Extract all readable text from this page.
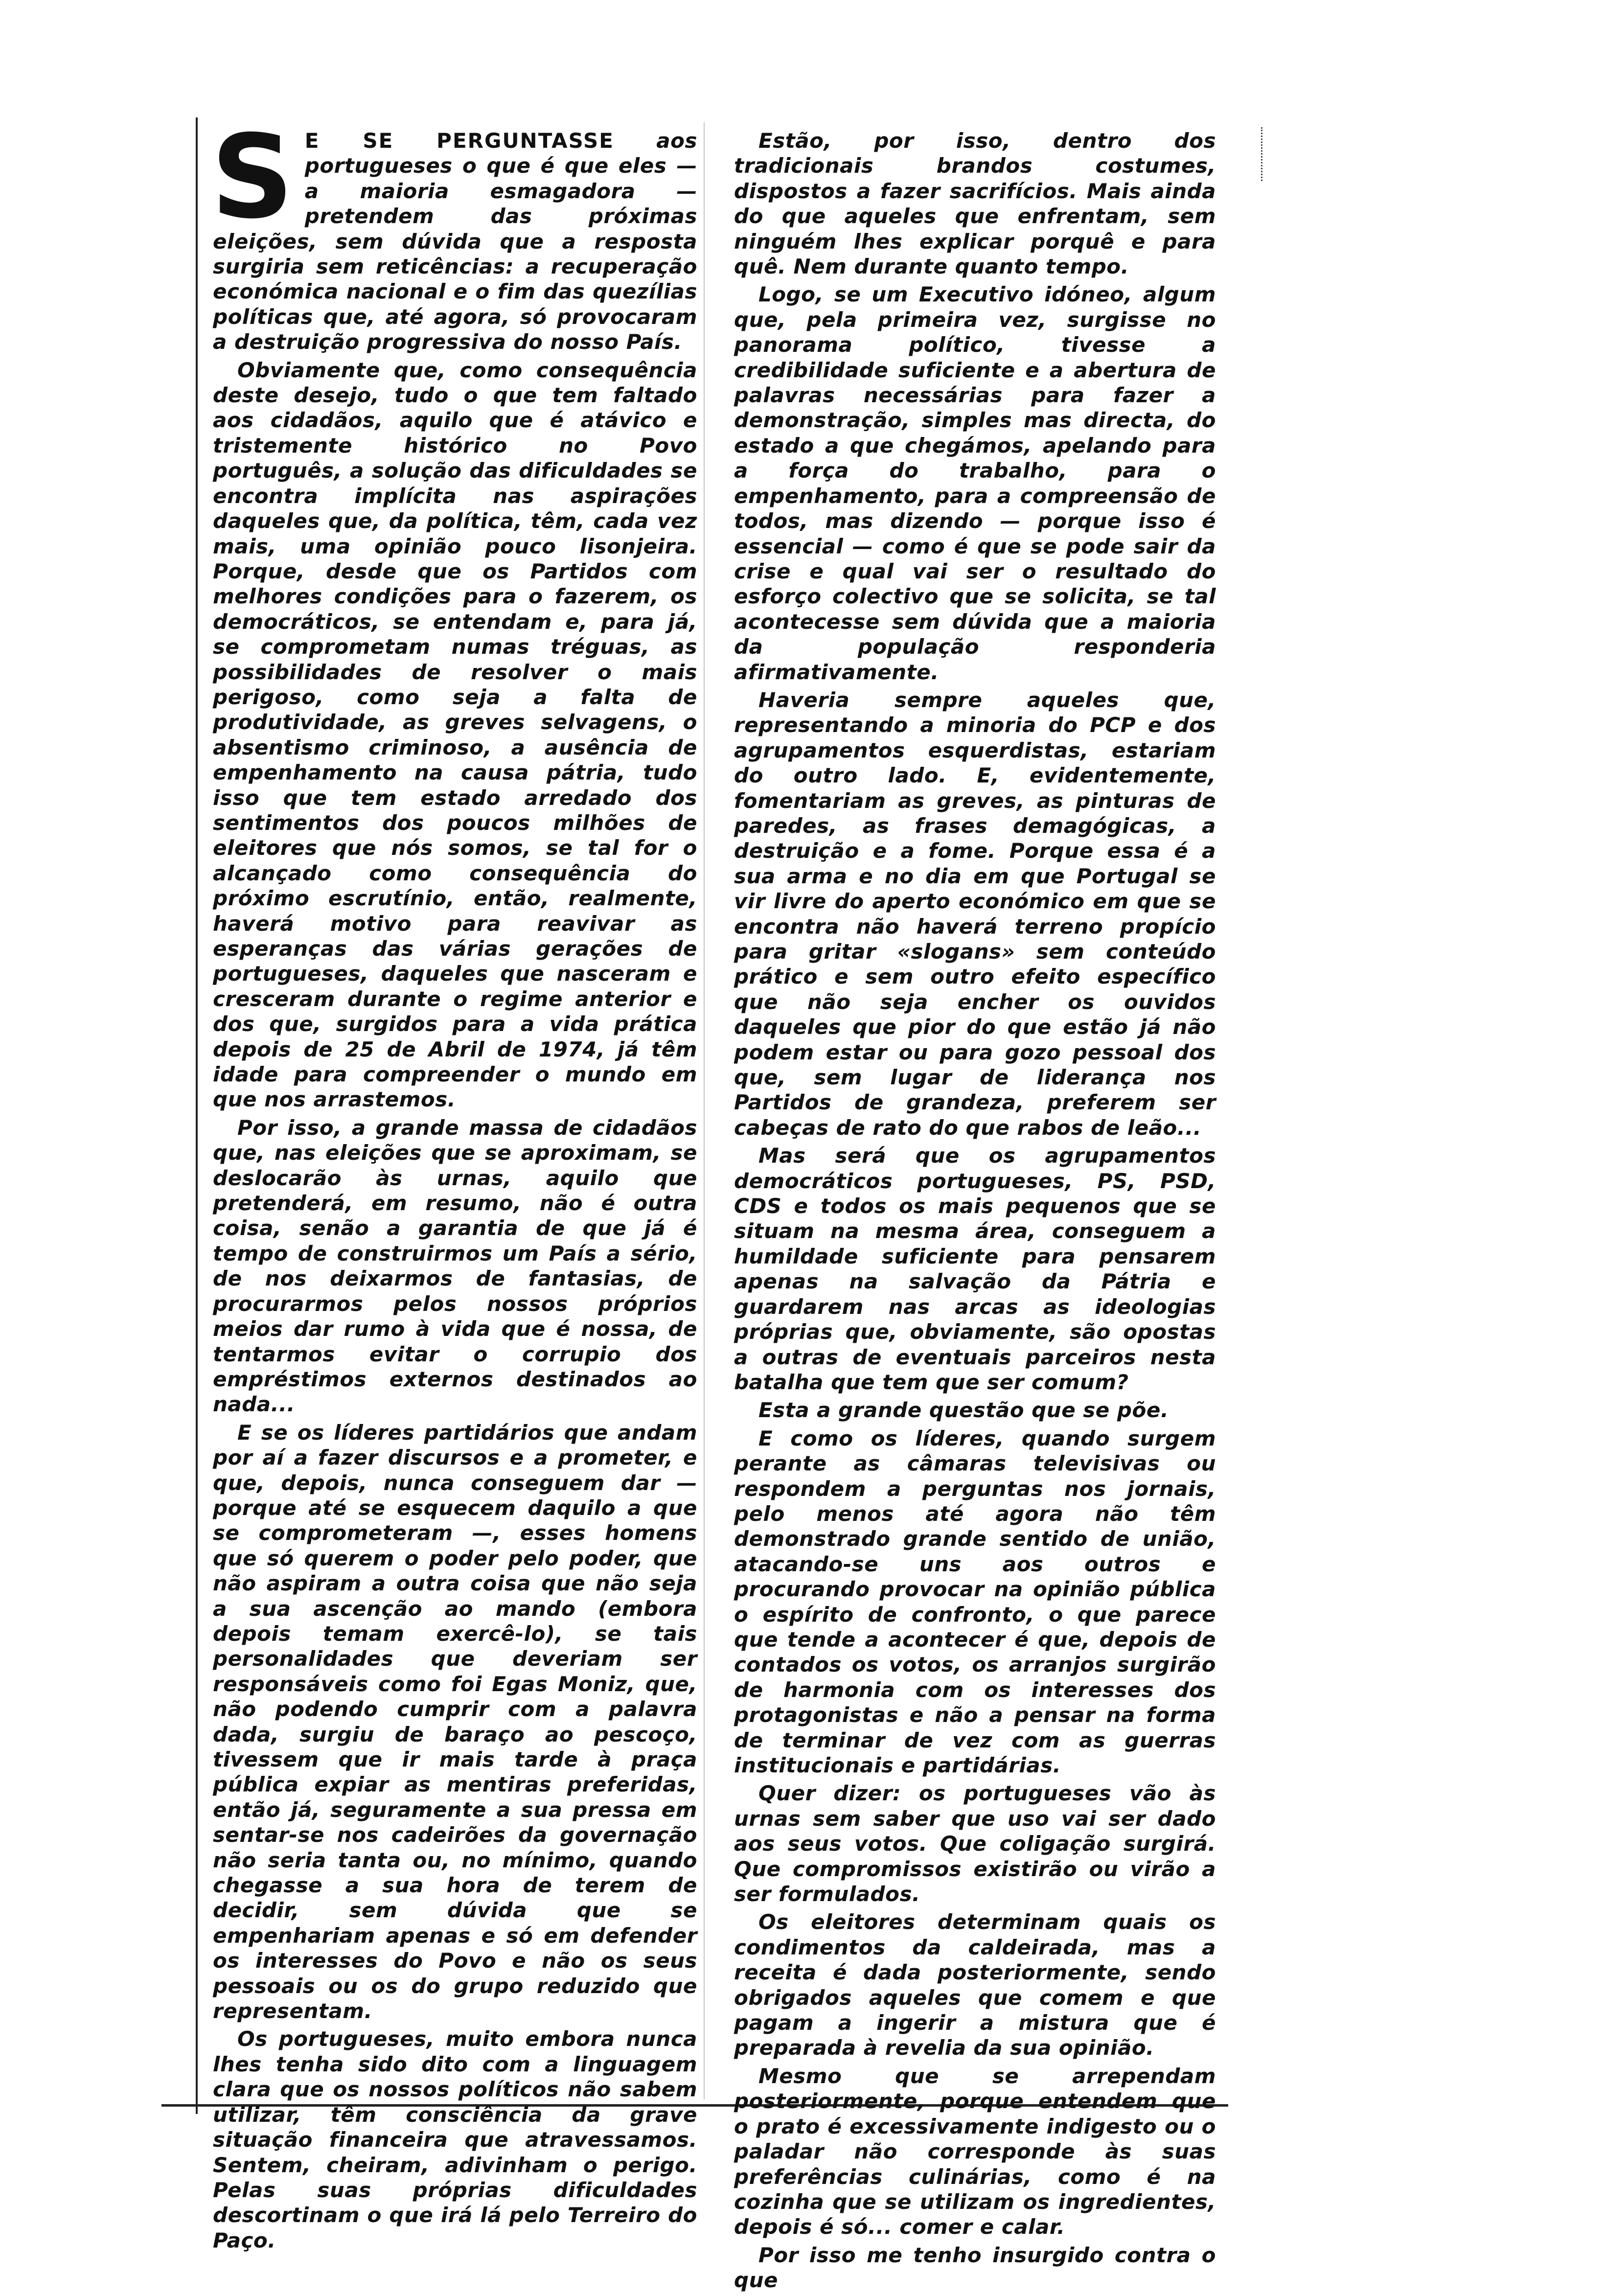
S E SE PERGUNTASSE aos portugueses o que é que eles — a maioria esmagadora — pretendem das próximas eleições, sem dúvida que a resposta surgiria sem reticências: a recuperação económica nacional e o fim das quezílias políticas que, até agora, só provocaram a destruição progressiva do nosso País.

Obviamente que, como consequência deste desejo, tudo o que tem faltado aos cidadãos, aquilo que é atávico e tristemente histórico no Povo português, a solução das dificuldades se encontra implícita nas aspirações daqueles que, da política, têm, cada vez mais, uma opinião pouco lisonjeira. Porque, desde que os Partidos com melhores condições para o fazerem, os democráticos, se entendam e, para já, se comprometam numas tréguas, as possibilidades de resolver o mais perigoso, como seja a falta de produtividade, as greves selvagens, o absentismo criminoso, a ausência de empenhamento na causa pátria, tudo isso que tem estado arredado dos sentimentos dos poucos milhões de eleitores que nós somos, se tal for o alcançado como consequência do próximo escrutínio, então, realmente, haverá motivo para reavivar as esperanças das várias gerações de portugueses, daqueles que nasceram e cresceram durante o regime anterior e dos que, surgidos para a vida prática depois de 25 de Abril de 1974, já têm idade para compreender o mundo em que nos arrastemos.

Por isso, a grande massa de cidadãos que, nas eleições que se aproximam, se deslocarão às urnas, aquilo que pretenderá, em resumo, não é outra coisa, senão a garantia de que já é tempo de construirmos um País a sério, de nos deixarmos de fantasias, de procurarmos pelos nossos próprios meios dar rumo à vida que é nossa, de tentarmos evitar o corrupio dos empréstimos externos destinados ao nada...

E se os líderes partidários que andam por aí a fazer discursos e a prometer, e que, depois, nunca conseguem dar — porque até se esquecem daquilo a que se comprometeram —, esses homens que só querem o poder pelo poder, que não aspiram a outra coisa que não seja a sua ascenção ao mando (embora depois temam exercê-lo), se tais personalidades que deveriam ser responsáveis como foi Egas Moniz, que, não podendo cumprir com a palavra dada, surgiu de baraço ao pescoço, tivessem que ir mais tarde à praça pública expiar as mentiras preferidas, então já, seguramente a sua pressa em sentar-se nos cadeirões da governação não seria tanta ou, no mínimo, quando chegasse a sua hora de terem de decidir, sem dúvida que se empenhariam apenas e só em defender os interesses do Povo e não os seus pessoais ou os do grupo reduzido que representam.

Os portugueses, muito embora nunca lhes tenha sido dito com a linguagem clara que os nossos políticos não sabem utilizar, têm consciência da grave situação financeira que atravessamos. Sentem, cheiram, adivinham o perigo. Pelas suas próprias dificuldades descortinam o que irá lá pelo Terreiro do Paço.

Estão, por isso, dentro dos tradicionais brandos costumes, dispostos a fazer sacrifícios. Mais ainda do que aqueles que enfrentam, sem ninguém lhes explicar porquê e para quê. Nem durante quanto tempo.

Logo, se um Executivo idóneo, algum que, pela primeira vez, surgisse no panorama político, tivesse a credibilidade suficiente e a abertura de palavras necessárias para fazer a demonstração, simples mas directa, do estado a que chegámos, apelando para a força do trabalho, para o empenhamento, para a compreensão de todos, mas dizendo — porque isso é essencial — como é que se pode sair da crise e qual vai ser o resultado do esforço colectivo que se solicita, se tal acontecesse sem dúvida que a maioria da população responderia afirmativamente.

Haveria sempre aqueles que, representando a minoria do PCP e dos agrupamentos esquerdistas, estariam do outro lado. E, evidentemente, fomentariam as greves, as pinturas de paredes, as frases demagógicas, a destruição e a fome. Porque essa é a sua arma e no dia em que Portugal se vir livre do aperto económico em que se encontra não haverá terreno propício para gritar «slogans» sem conteúdo prático e sem outro efeito específico que não seja encher os ouvidos daqueles que pior do que estão já não podem estar ou para gozo pessoal dos que, sem lugar de liderança nos Partidos de grandeza, preferem ser cabeças de rato do que rabos de leão...

Mas será que os agrupamentos democráticos portugueses, PS, PSD, CDS e todos os mais pequenos que se situam na mesma área, conseguem a humildade suficiente para pensarem apenas na salvação da Pátria e guardarem nas arcas as ideologias próprias que, obviamente, são opostas a outras de eventuais parceiros nesta batalha que tem que ser comum?

Esta a grande questão que se põe.

E como os líderes, quando surgem perante as câmaras televisivas ou respondem a perguntas nos jornais, pelo menos até agora não têm demonstrado grande sentido de união, atacando-se uns aos outros e procurando provocar na opinião pública o espírito de confronto, o que parece que tende a acontecer é que, depois de contados os votos, os arranjos surgirão de harmonia com os interesses dos protagonistas e não a pensar na forma de terminar de vez com as guerras institucionais e partidárias.

Quer dizer: os portugueses vão às urnas sem saber que uso vai ser dado aos seus votos. Que coligação surgirá. Que compromissos existirão ou virão a ser formulados.

Os eleitores determinam quais os condimentos da caldeirada, mas a receita é dada posteriormente, sendo obrigados aqueles que comem e que pagam a ingerir a mistura que é preparada à revelia da sua opinião.

Mesmo que se arrependam posteriormente, porque entendem que o prato é excessivamente indigesto ou o paladar não corresponde às suas preferências culinárias, como é na cozinha que se utilizam os ingredientes, depois é só... comer e calar.

Por isso me tenho insurgido contra o que
